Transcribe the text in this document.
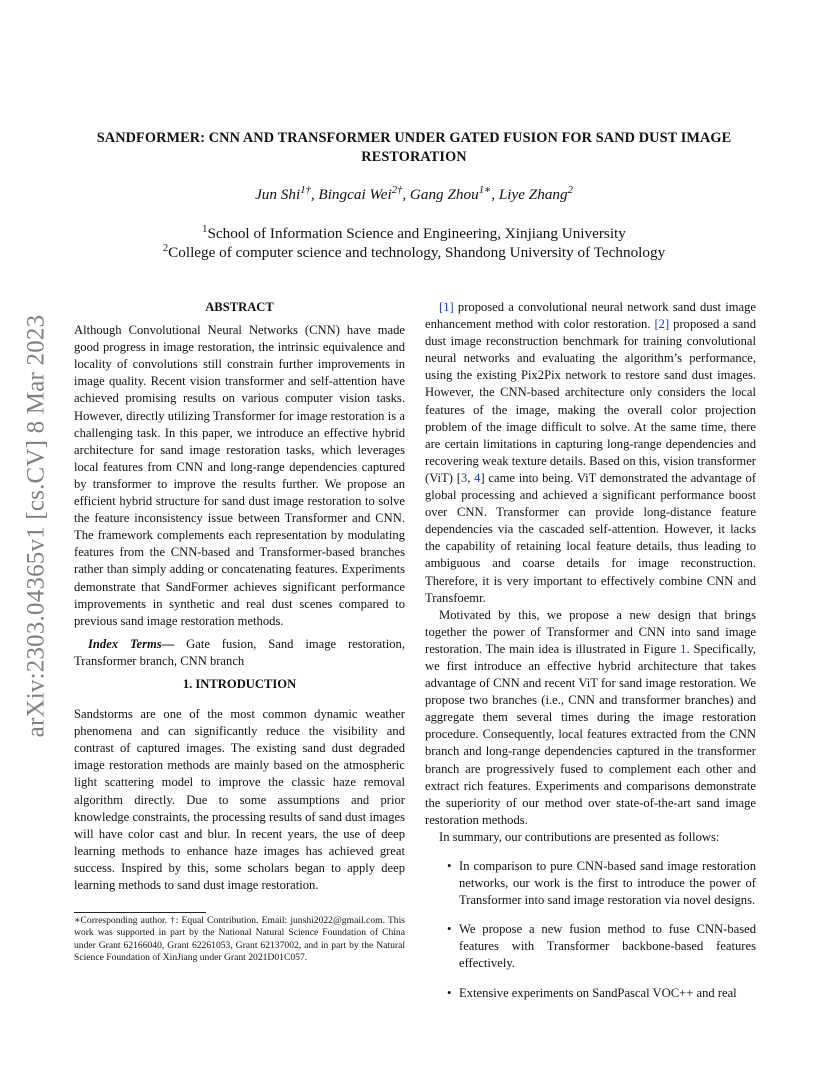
arXiv:2303.04365v1 [cs.CV] 8 Mar 2023
SANDFORMER: CNN AND TRANSFORMER UNDER GATED FUSION FOR SAND DUST IMAGE RESTORATION
Jun Shi$^{1\dagger}$, Bingcai Wei$^{2\dagger}$, Gang Zhou$^{1∗}$, Liye Zhang$^2$
$^1$School of Information Science and Engineering, Xinjiang University
$^2$College of computer science and technology, Shandong University of Technology
ABSTRACT

Although Convolutional Neural Networks (CNN) have made good progress in image restoration, the intrinsic equivalence and locality of convolutions still constrain further improvements in image quality. Recent vision transformer and self-attention have achieved promising results on various computer vision tasks. However, directly utilizing Transformer for image restoration is a challenging task. In this paper, we introduce an effective hybrid architecture for sand image restoration tasks, which leverages local features from CNN and long-range dependencies captured by transformer to improve the results further. We propose an efficient hybrid structure for sand dust image restoration to solve the feature inconsistency issue between Transformer and CNN. The framework complements each representation by modulating features from the CNN-based and Transformer-based branches rather than simply adding or concatenating features. Experiments demonstrate that SandFormer achieves significant performance improvements in synthetic and real dust scenes compared to previous sand image restoration methods.

Index Terms— Gate fusion, Sand image restoration, Transformer branch, CNN branch

1. INTRODUCTION

Sandstorms are one of the most common dynamic weather phenomena and can significantly reduce the visibility and contrast of captured images. The existing sand dust degraded image restoration methods are mainly based on the atmospheric light scattering model to improve the classic haze removal algorithm directly. Due to some assumptions and prior knowledge constraints, the processing results of sand dust images will have color cast and blur. In recent years, the use of deep learning methods to enhance haze images has achieved great success. Inspired by this, some scholars began to apply deep learning methods to sand dust image restoration.

∗Corresponding author. †: Equal Contribution. Email: junshi2022@gmail.com. This work was supported in part by the National Natural Science Foundation of China under Grant 62166040, Grant 62261053, Grant 62137002, and in part by the Natural Science Foundation of XinJiang under Grant 2021D01C057.

[1] proposed a convolutional neural network sand dust image enhancement method with color restoration. [2] proposed a sand dust image reconstruction benchmark for training convolutional neural networks and evaluating the algorithm’s performance, using the existing Pix2Pix network to restore sand dust images. However, the CNN-based architecture only considers the local features of the image, making the overall color projection problem of the image difficult to solve. At the same time, there are certain limitations in capturing long-range dependencies and recovering weak texture details. Based on this, vision transformer (ViT) [3, 4] came into being. ViT demonstrated the advantage of global processing and achieved a significant performance boost over CNN. Transformer can provide long-distance feature dependencies via the cascaded self-attention. However, it lacks the capability of retaining local feature details, thus leading to ambiguous and coarse details for image reconstruction. Therefore, it is very important to effectively combine CNN and Transfoemr.

Motivated by this, we propose a new design that brings together the power of Transformer and CNN into sand image restoration. The main idea is illustrated in Figure 1. Specifically, we first introduce an effective hybrid architecture that takes advantage of CNN and recent ViT for sand image restoration. We propose two branches (i.e., CNN and transformer branches) and aggregate them several times during the image restoration procedure. Consequently, local features extracted from the CNN branch and long-range dependencies captured in the transformer branch are progressively fused to complement each other and extract rich features. Experiments and comparisons demonstrate the superiority of our method over state-of-the-art sand image restoration methods.

In summary, our contributions are presented as follows:

• In comparison to pure CNN-based sand image restoration networks, our work is the first to introduce the power of Transformer into sand image restoration via novel designs.
• We propose a new fusion method to fuse CNN-based features with Transformer backbone-based features effectively.
• Extensive experiments on SandPascal VOC++ and real
